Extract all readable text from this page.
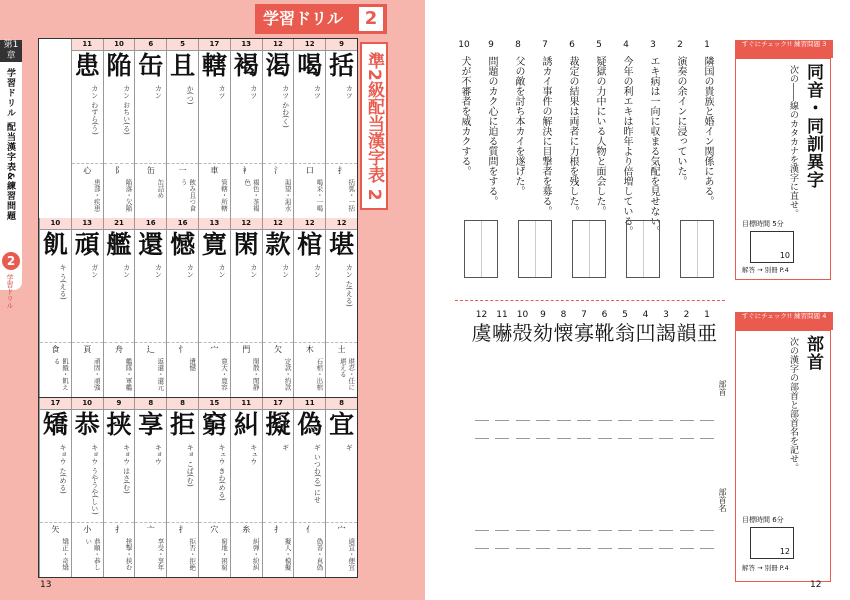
第1章
学習ドリル 配当漢字表&練習問題
2
学習ドリル
学習ドリル	2
準2級配当漢字表 2
9
括
カツ
扌
括弧・一括
12
喝
カツ
口
喝采・一喝
12
渇
カツ かわ(く)
氵
渇望・渇水
13
褐
カツ
衤
褐色・茶褐色
17
轄
カツ
車
管轄・所轄
5
且
か(つ)
一
飲み且つ食う
6
缶
カン
缶
缶詰め
10
陥
カン おちい(る)
阝
陥落・欠陥
11
患
カン わずら(う)
心
患部・疾患
12
堪
カン た(える)
土
堪忍・任に堪える
12
棺
カン
木
石棺・出棺
12
款
カン
欠
定款・約款
12
閑
カン
門
閑散・閑静
13
寛
カン
宀
寛大・寛容
16
憾
カン
忄
遺憾
16
還
カン
辶
返還・還元
21
艦
カン
舟
艦隊・軍艦
13
頑
ガン
頁
頑固・頑強
10
飢
キ う(える)
食
飢餓・飢える
8
宜
ギ
宀
適宜・便宜
11
偽
ギ いつわ(る) にせ
亻
偽善・真偽
17
擬
ギ
扌
擬人・模擬
11
糾
キュウ
糸
糾弾・紛糾
15
窮
キュウ きわ(める)
穴
窮地・困窮
8
拒
キョ こば(む)
扌
拒否・拒絶
8
享
キョウ
亠
享受・享年
9
挟
キョウ はさ(む)
扌
挟撃・挟む
10
恭
キョウ うやうや(しい)
小
恭順・恭しい
17
矯
キョウ た(める)
矢
矯正・奇矯
13
すぐにチェック!! 練習問題 3
同音・同訓異字
次の――線のカタカナを漢字に直せ。
目標時間 5分
10
解答 → 別冊 P.4
1
隣国の貴族と婚イン関係にある。
2
演奏の余インに浸っていた。
3
エキ病は一向に収まる気配を見せない。
4
今年の利エキは昨年より倍増している。
5
疑獄の力中にいる人物と面会した。
6
裁定の結果は両者に力根を残した。
7
誘カイ事件の解決に目撃者を募る。
8
父の敵を討ち本カイを遂げた。
9
問題のカク心に迫る質問をする。
10
犬が不審者を威カクする。
すぐにチェック!! 練習問題 4
部首
次の漢字の部首と部首名を記せ。
目標時間 6分
12
解答 → 別冊 P.4
部首
部首名
1
亜
2
韻
3
謁
4
凹
5
翁
6
靴
7
寡
8
懐
9
劾
10
殻
11
嚇
12
虞
12
